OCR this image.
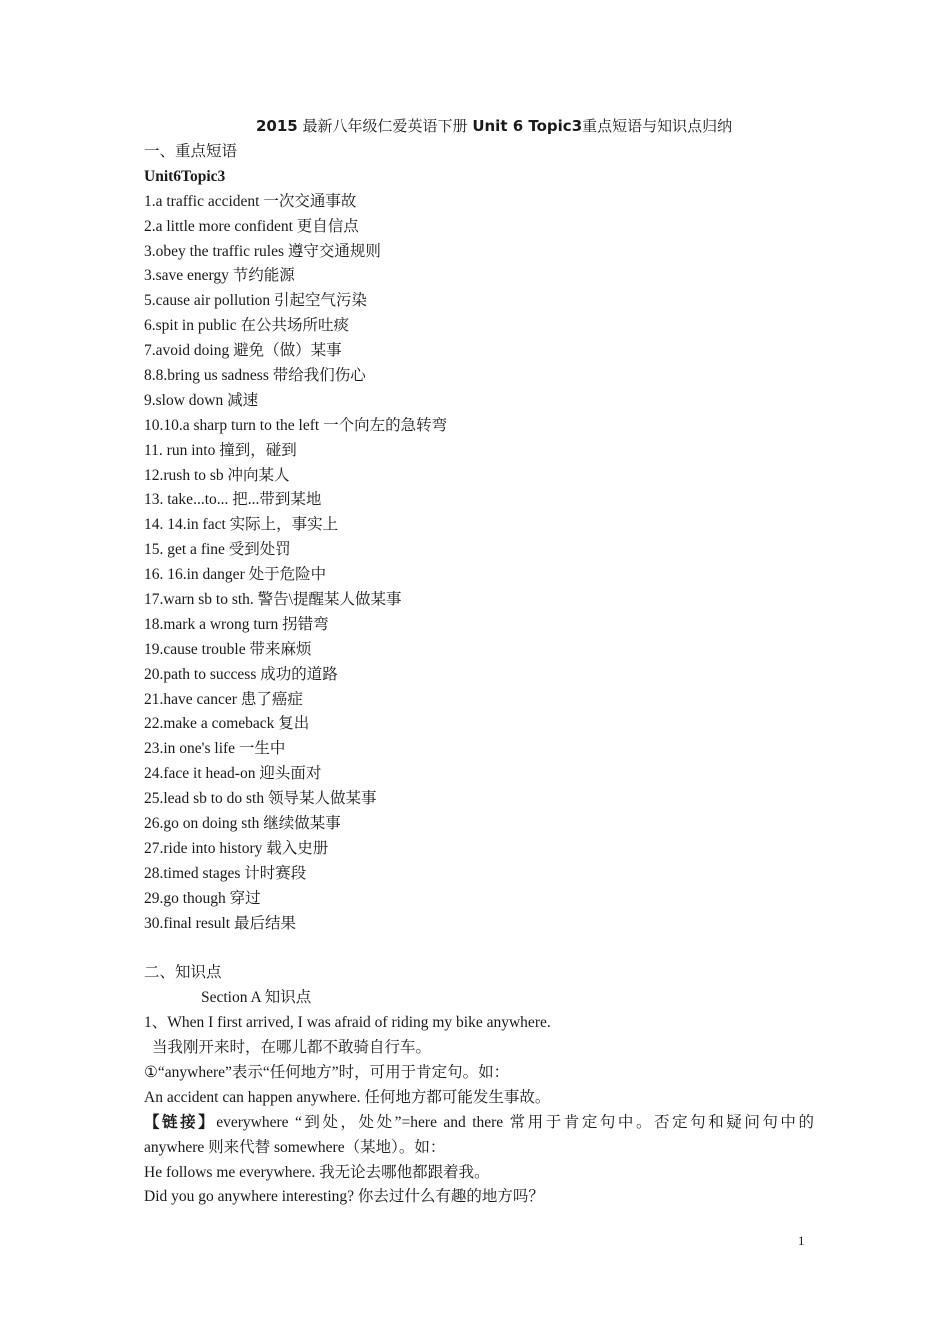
2015 最新八年级仁爱英语下册 Unit 6 Topic3重点短语与知识点归纳
一、重点短语
Unit6Topic3
1.a traffic accident 一次交通事故
2.a little more confident 更自信点
3.obey the traffic rules 遵守交通规则
3.save energy 节约能源
5.cause air pollution 引起空气污染
6.spit in public 在公共场所吐痰
7.avoid doing 避免（做）某事
8.8.bring us sadness 带给我们伤心
9.slow down 减速
10.10.a sharp turn to the left 一个向左的急转弯
11. run into 撞到，碰到
12.rush to sb 冲向某人
13. take...to... 把...带到某地
14. 14.in fact 实际上，事实上
15. get a fine 受到处罚
16. 16.in danger 处于危险中
17.warn sb to sth. 警告\提醒某人做某事
18.mark a wrong turn 拐错弯
19.cause trouble 带来麻烦
20.path to success 成功的道路
21.have cancer 患了癌症
22.make a comeback 复出
23.in one's life 一生中
24.face it head-on 迎头面对
25.lead sb to do sth 领导某人做某事
26.go on doing sth 继续做某事
27.ride into history 载入史册
28.timed stages 计时赛段
29.go though 穿过
30.final result 最后结果
二、知识点
Section A 知识点
1、When I first arrived, I was afraid of riding my bike anywhere.
当我刚开来时，在哪儿都不敢骑自行车。
①“anywhere”表示“任何地方”时，可用于肯定句。如：
An accident can happen anywhere. 任何地方都可能发生事故。
【链接】everywhere “到处，处处”=here and there 常用于肯定句中。否定句和疑问句中的
anywhere 则来代替 somewhere（某地）。如：
He follows me everywhere. 我无论去哪他都跟着我。
Did you go anywhere interesting? 你去过什么有趣的地方吗？
1
